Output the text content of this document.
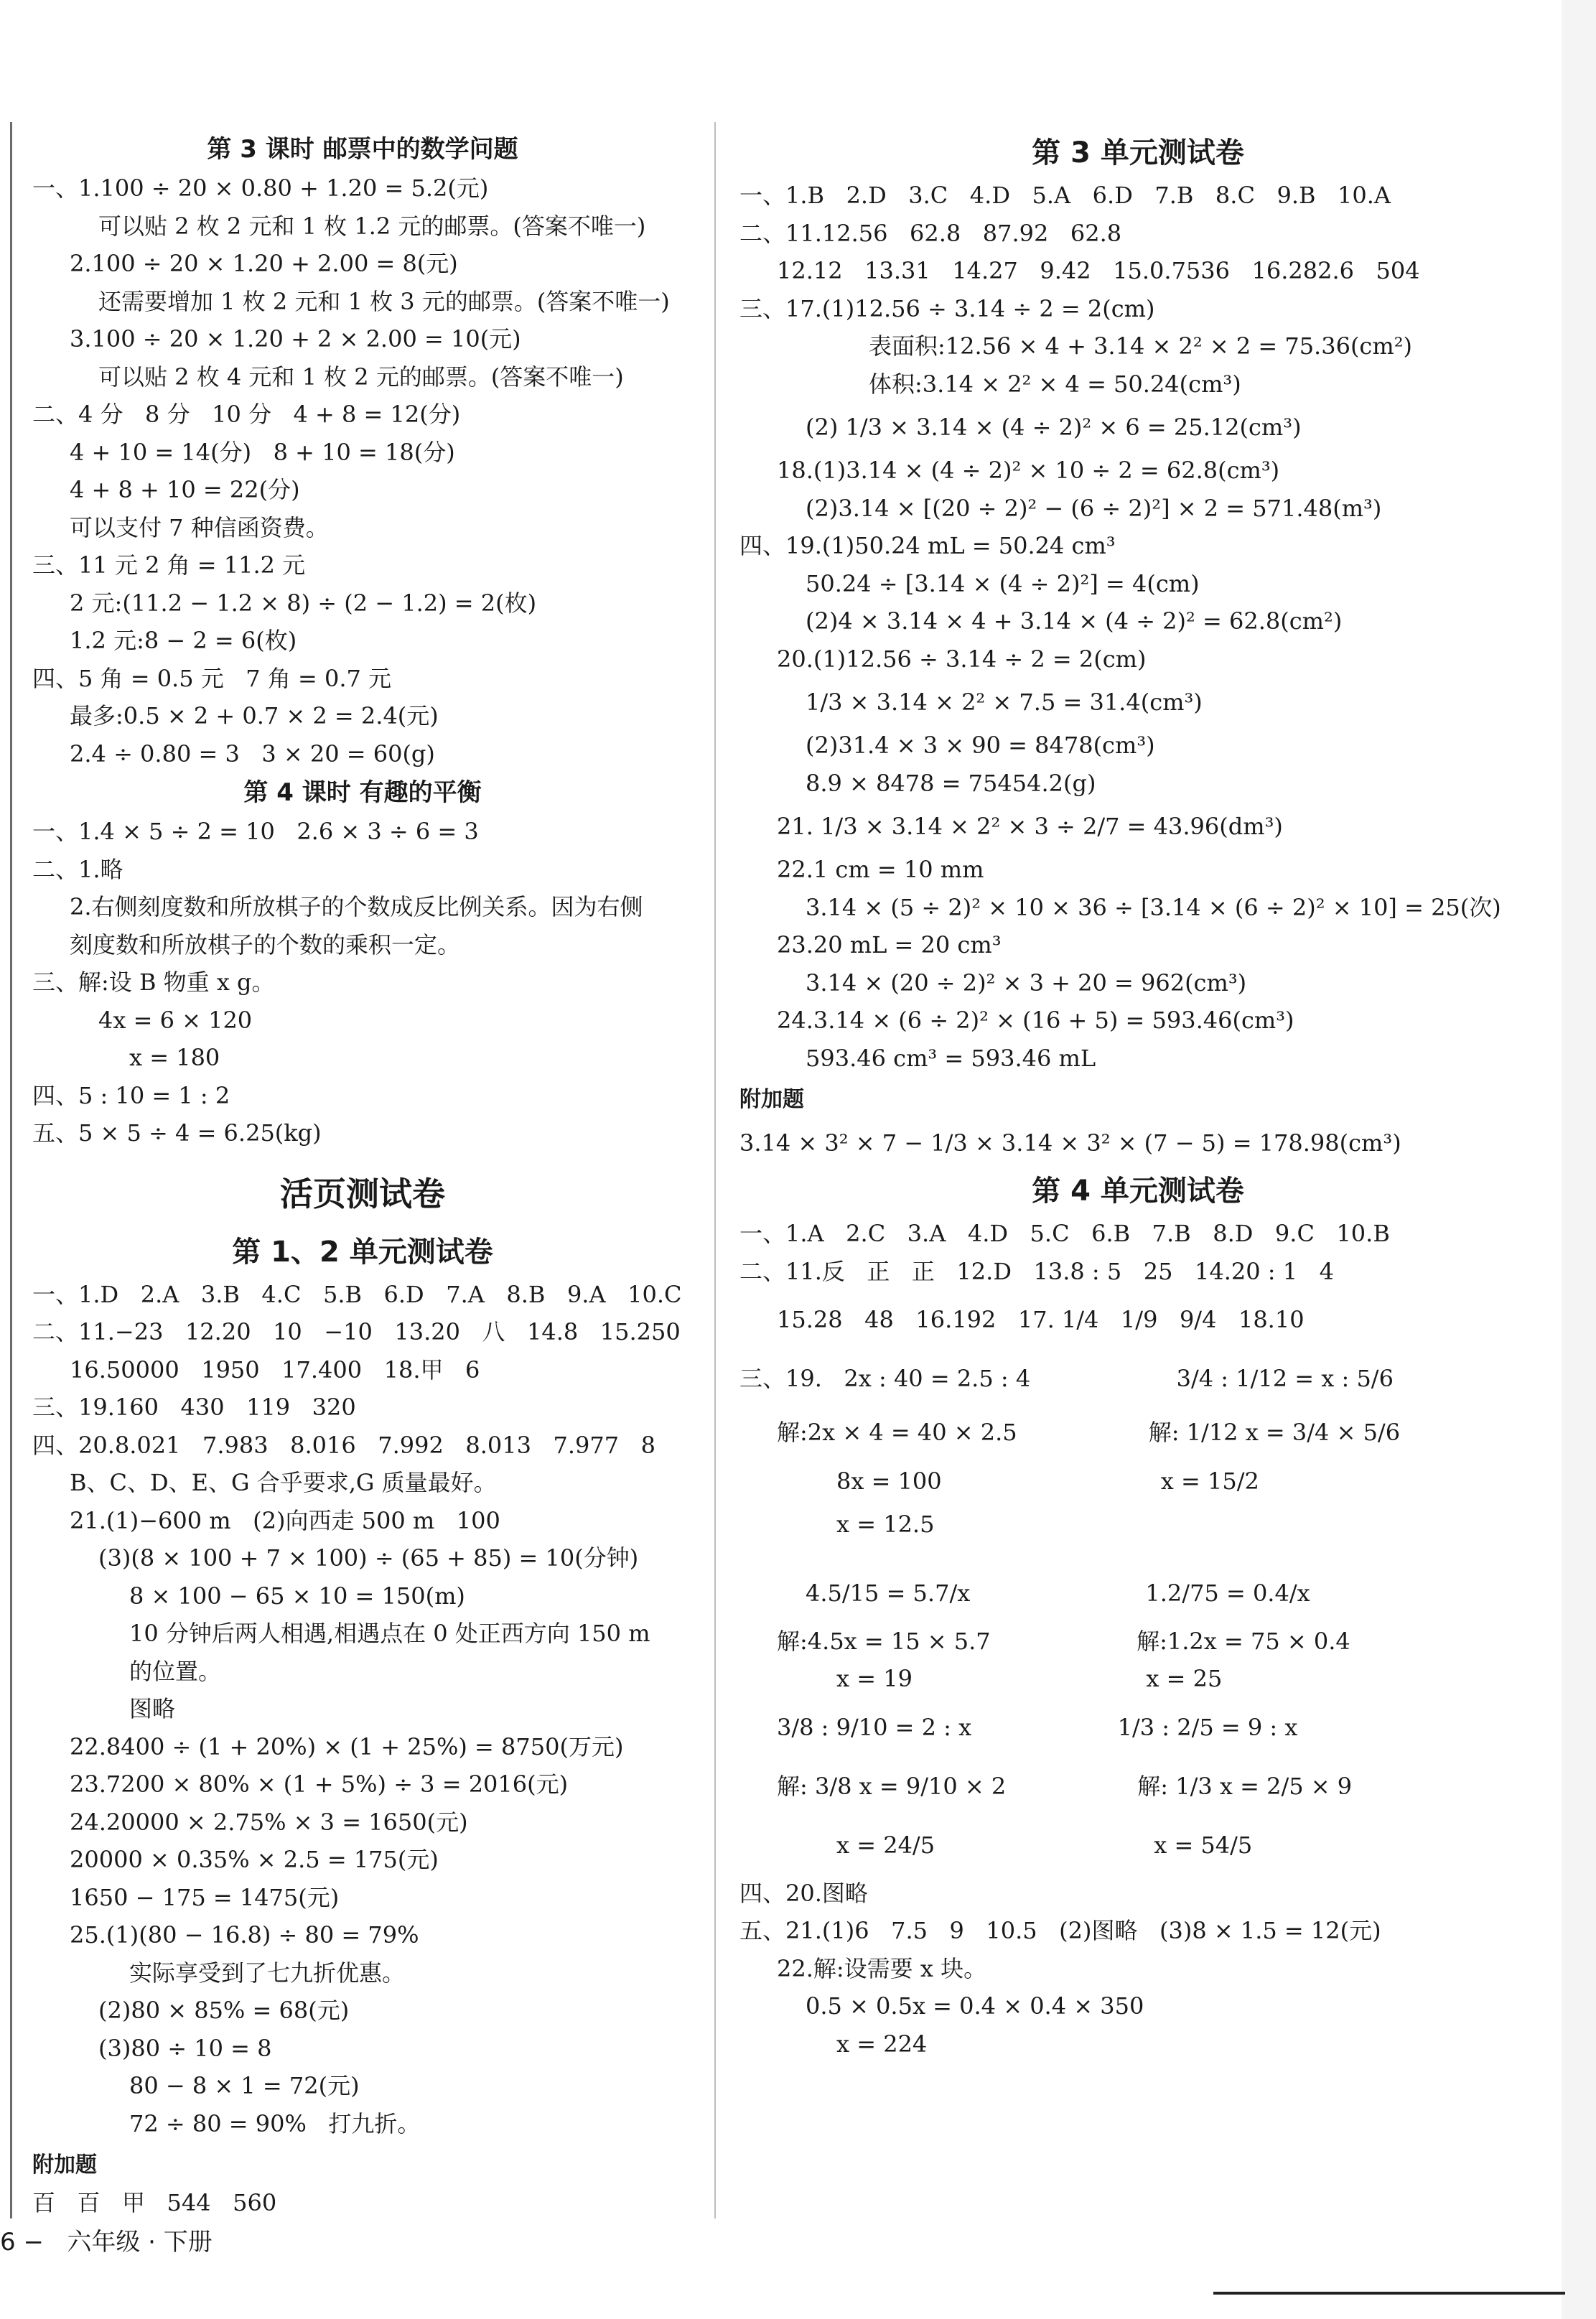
第 3 课时 邮票中的数学问题
一、1.100 ÷ 20 × 0.80 + 1.20 = 5.2(元)
可以贴 2 枚 2 元和 1 枚 1.2 元的邮票。(答案不唯一)
2.100 ÷ 20 × 1.20 + 2.00 = 8(元)
还需要增加 1 枚 2 元和 1 枚 3 元的邮票。(答案不唯一)
3.100 ÷ 20 × 1.20 + 2 × 2.00 = 10(元)
可以贴 2 枚 4 元和 1 枚 2 元的邮票。(答案不唯一)
二、4 分   8 分   10 分   4 + 8 = 12(分)
4 + 10 = 14(分)   8 + 10 = 18(分)
4 + 8 + 10 = 22(分)
可以支付 7 种信函资费。
三、11 元 2 角 = 11.2 元
2 元:(11.2 − 1.2 × 8) ÷ (2 − 1.2) = 2(枚)
1.2 元:8 − 2 = 6(枚)
四、5 角 = 0.5 元   7 角 = 0.7 元
最多:0.5 × 2 + 0.7 × 2 = 2.4(元)
2.4 ÷ 0.80 = 3   3 × 20 = 60(g)
第 4 课时 有趣的平衡
一、1.4 × 5 ÷ 2 = 10   2.6 × 3 ÷ 6 = 3
二、1.略
2.右侧刻度数和所放棋子的个数成反比例关系。因为右侧
刻度数和所放棋子的个数的乘积一定。
三、解:设 B 物重 x g。
4x = 6 × 120
x = 180
四、5 : 10 = 1 : 2
五、5 × 5 ÷ 4 = 6.25(kg)
活页测试卷
第 1、2 单元测试卷
一、1.D   2.A   3.B   4.C   5.B   6.D   7.A   8.B   9.A   10.C
二、11.−23   12.20   10   −10   13.20   八   14.8   15.250
16.50000   1950   17.400   18.甲   6
三、19.160   430   119   320
四、20.8.021   7.983   8.016   7.992   8.013   7.977   8
B、C、D、E、G 合乎要求,G 质量最好。
21.(1)−600 m   (2)向西走 500 m   100
(3)(8 × 100 + 7 × 100) ÷ (65 + 85) = 10(分钟)
8 × 100 − 65 × 10 = 150(m)
10 分钟后两人相遇,相遇点在 0 处正西方向 150 m
的位置。
图略
22.8400 ÷ (1 + 20%) × (1 + 25%) = 8750(万元)
23.7200 × 80% × (1 + 5%) ÷ 3 = 2016(元)
24.20000 × 2.75% × 3 = 1650(元)
20000 × 0.35% × 2.5 = 175(元)
1650 − 175 = 1475(元)
25.(1)(80 − 16.8) ÷ 80 = 79%
实际享受到了七九折优惠。
(2)80 × 85% = 68(元)
(3)80 ÷ 10 = 8
80 − 8 × 1 = 72(元)
72 ÷ 80 = 90%   打九折。
附加题
百   百   甲   544   560
第 3 单元测试卷
一、1.B   2.D   3.C   4.D   5.A   6.D   7.B   8.C   9.B   10.A
二、11.12.56   62.8   87.92   62.8
12.12   13.31   14.27   9.42   15.0.7536   16.282.6   504
三、17.(1)12.56 ÷ 3.14 ÷ 2 = 2(cm)
表面积:12.56 × 4 + 3.14 × 2² × 2 = 75.36(cm²)
体积:3.14 × 2² × 4 = 50.24(cm³)
(2) 1/3 × 3.14 × (4 ÷ 2)² × 6 = 25.12(cm³)
18.(1)3.14 × (4 ÷ 2)² × 10 ÷ 2 = 62.8(cm³)
(2)3.14 × [(20 ÷ 2)² − (6 ÷ 2)²] × 2 = 571.48(m³)
四、19.(1)50.24 mL = 50.24 cm³
50.24 ÷ [3.14 × (4 ÷ 2)²] = 4(cm)
(2)4 × 3.14 × 4 + 3.14 × (4 ÷ 2)² = 62.8(cm²)
20.(1)12.56 ÷ 3.14 ÷ 2 = 2(cm)
1/3 × 3.14 × 2² × 7.5 = 31.4(cm³)
(2)31.4 × 3 × 90 = 8478(cm³)
8.9 × 8478 = 75454.2(g)
21. 1/3 × 3.14 × 2² × 3 ÷ 2/7 = 43.96(dm³)
22.1 cm = 10 mm
3.14 × (5 ÷ 2)² × 10 × 36 ÷ [3.14 × (6 ÷ 2)² × 10] = 25(次)
23.20 mL = 20 cm³
3.14 × (20 ÷ 2)² × 3 + 20 = 962(cm³)
24.3.14 × (6 ÷ 2)² × (16 + 5) = 593.46(cm³)
593.46 cm³ = 593.46 mL
附加题
3.14 × 3² × 7 − 1/3 × 3.14 × 3² × (7 − 5) = 178.98(cm³)
第 4 单元测试卷
一、1.A   2.C   3.A   4.D   5.C   6.B   7.B   8.D   9.C   10.B
二、11.反   正   正   12.D   13.8 : 5   25   14.20 : 1   4
15.28   48   16.192   17. 1/4   1/9   9/4   18.10
三、19.   2x : 40 = 2.5 : 4                    3/4 : 1/12 = x : 5/6
解:2x × 4 = 40 × 2.5                  解: 1/12 x = 3/4 × 5/6
8x = 100                              x = 15/2
x = 12.5
4.5/15 = 5.7/x                        1.2/75 = 0.4/x
解:4.5x = 15 × 5.7                    解:1.2x = 75 × 0.4
x = 19                                x = 25
3/8 : 9/10 = 2 : x                    1/3 : 2/5 = 9 : x
解: 3/8 x = 9/10 × 2                  解: 1/3 x = 2/5 × 9
x = 24/5                              x = 54/5
四、20.图略
五、21.(1)6   7.5   9   10.5   (2)图略   (3)8 × 1.5 = 12(元)
22.解:设需要 x 块。
0.5 × 0.5x = 0.4 × 0.4 × 350
x = 224
6 − 六年级 · 下册
